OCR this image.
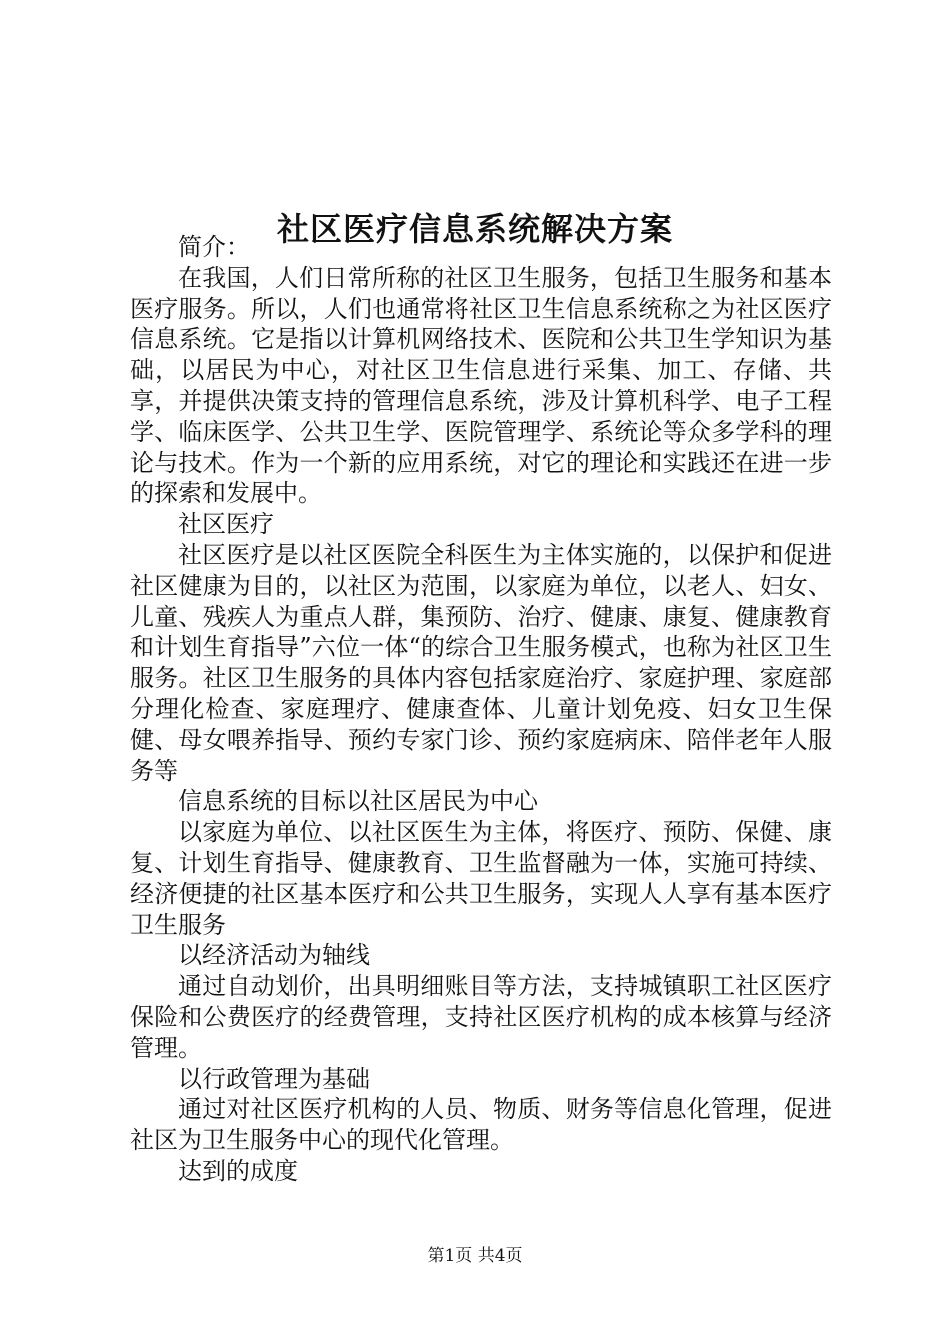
社区医疗信息系统解决方案

简介：

在我国，人们日常所称的社区卫生服务，包括卫生服务和基本医疗服务。所以，人们也通常将社区卫生信息系统称之为社区医疗信息系统。它是指以计算机网络技术、医院和公共卫生学知识为基础，以居民为中心，对社区卫生信息进行采集、加工、存储、共享，并提供决策支持的管理信息系统，涉及计算机科学、电子工程学、临床医学、公共卫生学、医院管理学、系统论等众多学科的理论与技术。作为一个新的应用系统，对它的理论和实践还在进一步的探索和发展中。

社区医疗

社区医疗是以社区医院全科医生为主体实施的，以保护和促进社区健康为目的，以社区为范围，以家庭为单位，以老人、妇女、儿童、残疾人为重点人群，集预防、治疗、健康、康复、健康教育和计划生育指导”六位一体“的综合卫生服务模式，也称为社区卫生服务。社区卫生服务的具体内容包括家庭治疗、家庭护理、家庭部分理化检查、家庭理疗、健康查体、儿童计划免疫、妇女卫生保健、母女喂养指导、预约专家门诊、预约家庭病床、陪伴老年人服务等

信息系统的目标以社区居民为中心

以家庭为单位、以社区医生为主体，将医疗、预防、保健、康复、计划生育指导、健康教育、卫生监督融为一体，实施可持续、经济便捷的社区基本医疗和公共卫生服务，实现人人享有基本医疗卫生服务

以经济活动为轴线

通过自动划价，出具明细账目等方法，支持城镇职工社区医疗保险和公费医疗的经费管理，支持社区医疗机构的成本核算与经济管理。

以行政管理为基础

通过对社区医疗机构的人员、物质、财务等信息化管理，促进社区为卫生服务中心的现代化管理。

达到的成度

第1页 共4页
